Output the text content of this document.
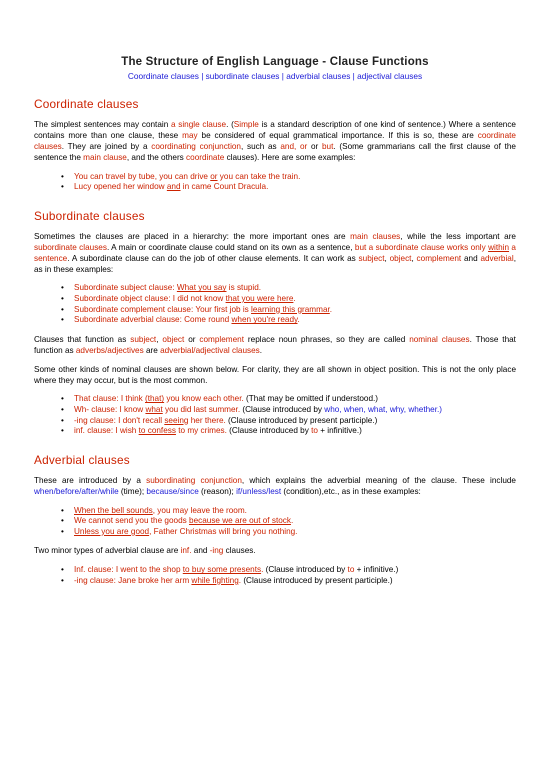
The Structure of English Language - Clause Functions
Coordinate clauses | subordinate clauses | adverbial clauses | adjectival clauses
Coordinate clauses

The simplest sentences may contain a single clause. (Simple is a standard description of one kind of sentence.) Where a sentence contains more than one clause, these may be considered of equal grammatical importance. If this is so, these are coordinate clauses. They are joined by a coordinating conjunction, such as and, or or but. (Some grammarians call the first clause of the sentence the main clause, and the others coordinate clauses). Here are some examples:

• You can travel by tube, you can drive or you can take the train.
• Lucy opened her window and in came Count Dracula.
Subordinate clauses

Sometimes the clauses are placed in a hierarchy: the more important ones are main clauses, while the less important are subordinate clauses. A main or coordinate clause could stand on its own as a sentence, but a subordinate clause works only within a sentence. A subordinate clause can do the job of other clause elements. It can work as subject, object, complement and adverbial, as in these examples:

• Subordinate subject clause: What you say is stupid.
• Subordinate object clause: I did not know that you were here.
• Subordinate complement clause: Your first job is learning this grammar.
• Subordinate adverbial clause: Come round when you're ready.

Clauses that function as subject, object or complement replace noun phrases, so they are called nominal clauses. Those that function as adverbs/adjectives are adverbial/adjectival clauses.

Some other kinds of nominal clauses are shown below. For clarity, they are all shown in object position. This is not the only place where they may occur, but is the most common.

• That clause: I think (that) you know each other. (That may be omitted if understood.)
• Wh- clause: I know what you did last summer. (Clause introduced by who, when, what, why, whether.)
• -ing clause: I don't recall seeing her there. (Clause introduced by present participle.)
• inf. clause: I wish to confess to my crimes. (Clause introduced by to + infinitive.)
Adverbial clauses

These are introduced by a subordinating conjunction, which explains the adverbial meaning of the clause. These include when/before/after/while (time); because/since (reason); if/unless/lest (condition),etc., as in these examples:

• When the bell sounds, you may leave the room.
• We cannot send you the goods because we are out of stock.
• Unless you are good, Father Christmas will bring you nothing.

Two minor types of adverbial clause are inf. and -ing clauses.

• Inf. clause: I went to the shop to buy some presents. (Clause introduced by to + infinitive.)
• -ing clause: Jane broke her arm while fighting. (Clause introduced by present participle.)
